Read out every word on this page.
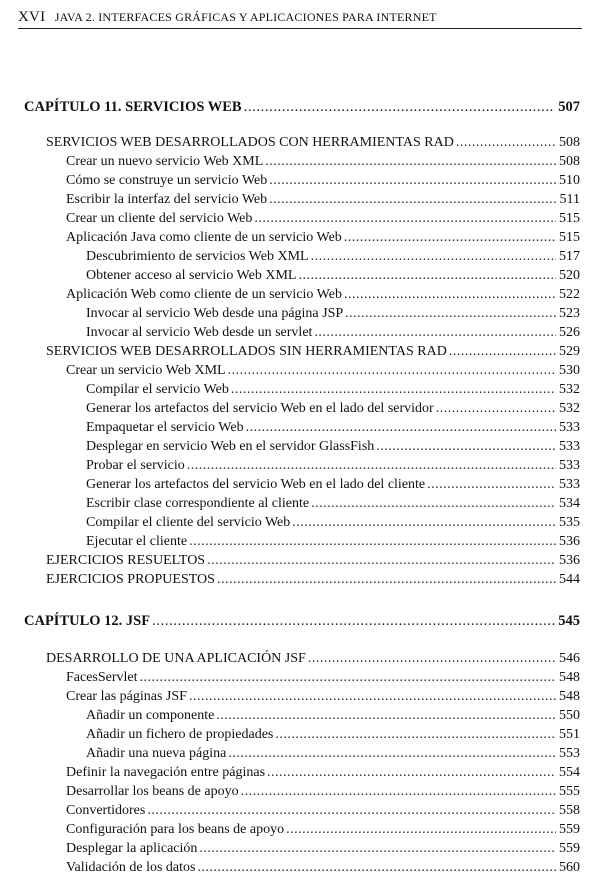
XVI JAVA 2. INTERFACES GRÁFICAS Y APLICACIONES PARA INTERNET
CAPÍTULO 11. SERVICIOS WEB . . .	507
SERVICIOS WEB DESARROLLADOS CON HERRAMIENTAS RAD . . .	508
Crear un nuevo servicio Web XML . . .	508
Cómo se construye un servicio Web . . .	510
Escribir la interfaz del servicio Web . . .	511
Crear un cliente del servicio Web . . .	515
Aplicación Java como cliente de un servicio Web . . .	515
Descubrimiento de servicios Web XML . . .	517
Obtener acceso al servicio Web XML . . .	520
Aplicación Web como cliente de un servicio Web . . .	522
Invocar al servicio Web desde una página JSP . . .	523
Invocar al servicio Web desde un servlet . . .	526
SERVICIOS WEB DESARROLLADOS SIN HERRAMIENTAS RAD . . .	529
Crear un servicio Web XML . . .	530
Compilar el servicio Web . . .	532
Generar los artefactos del servicio Web en el lado del servidor . . .	532
Empaquetar el servicio Web . . .	533
Desplegar en servicio Web en el servidor GlassFish . . .	533
Probar el servicio . . .	533
Generar los artefactos del servicio Web en el lado del cliente . . .	533
Escribir clase correspondiente al cliente . . .	534
Compilar el cliente del servicio Web . . .	535
Ejecutar el cliente . . .	536
EJERCICIOS RESUELTOS . . .	536
EJERCICIOS PROPUESTOS . . .	544
CAPÍTULO 12. JSF . . .	545
DESARROLLO DE UNA APLICACIÓN JSF . . .	546
FacesServlet . . .	548
Crear las páginas JSF . . .	548
Añadir un componente . . .	550
Añadir un fichero de propiedades . . .	551
Añadir una nueva página . . .	553
Definir la navegación entre páginas . . .	554
Desarrollar los beans de apoyo . . .	555
Convertidores . . .	558
Configuración para los beans de apoyo . . .	559
Desplegar la aplicación . . .	559
Validación de los datos . . .	560
